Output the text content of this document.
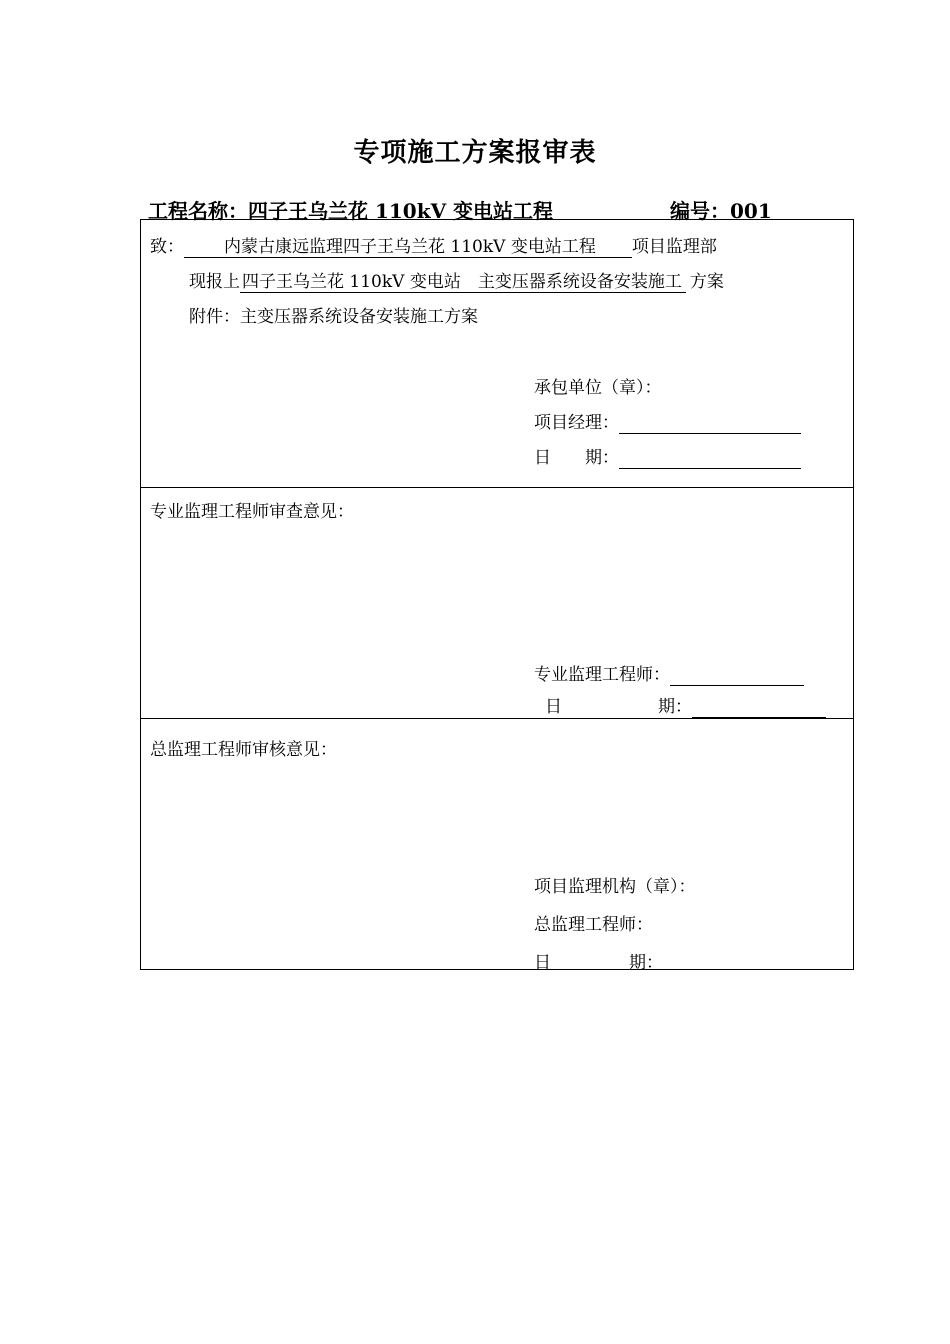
专项施工方案报审表
工程名称：四子王乌兰花 110kV 变电站工程	编号：001
致： 内蒙古康远监理四子王乌兰花 110kV 变电站工程 项目监理部
现报上 四子王乌兰花 110kV 变电站　主变压器系统设备安装施工 方案
附件：主变压器系统设备安装施工方案
承包单位（章）：
项目经理：
日　　期：
专业监理工程师审查意见：
专业监理工程师：
日	期：
总监理工程师审核意见：
项目监理机构（章）：
总监理工程师：
日	期：
